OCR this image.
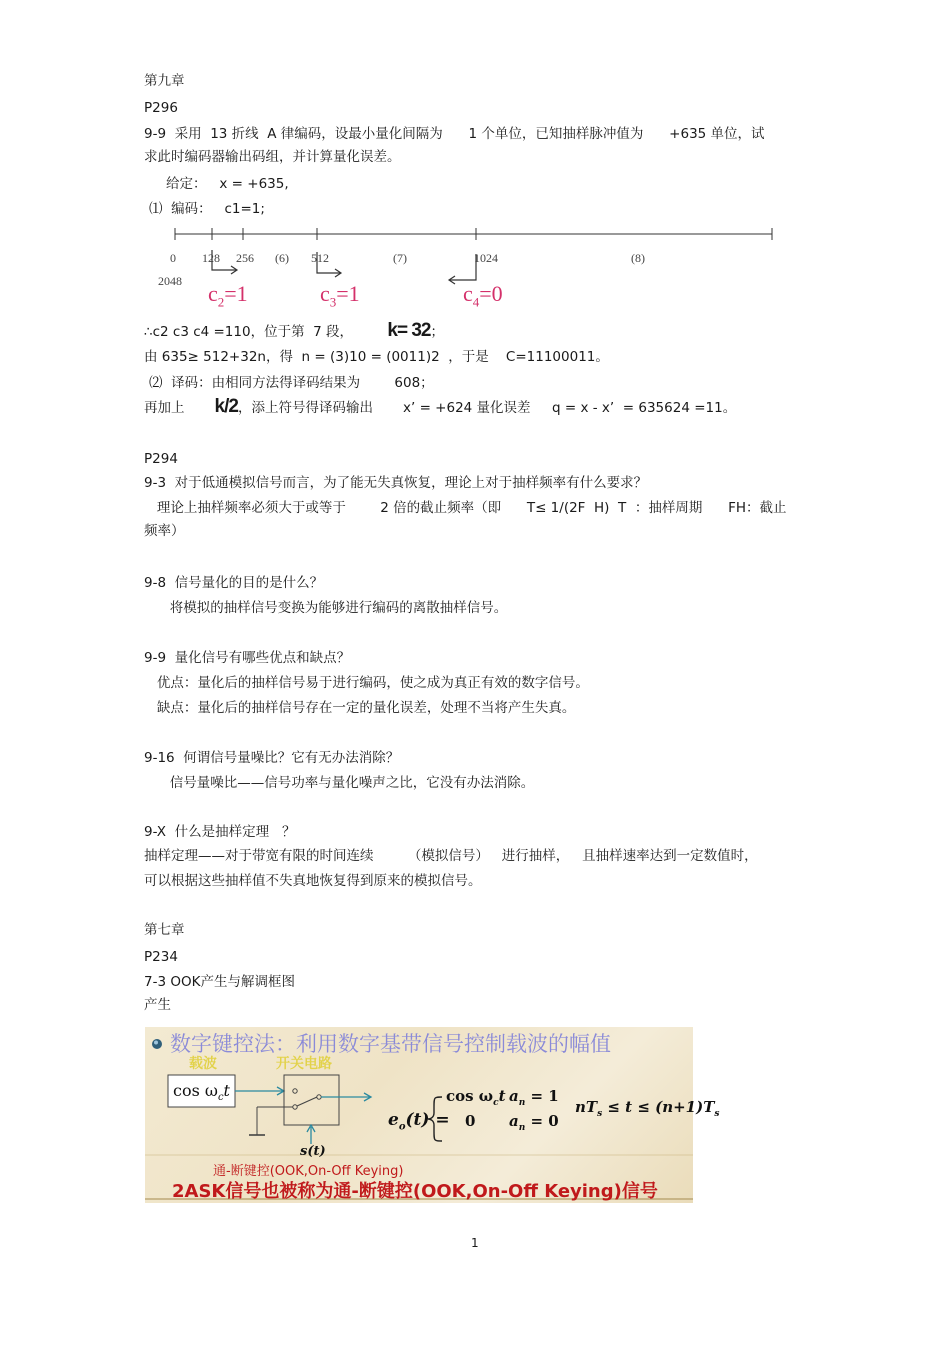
第九章
P296
9-9  采用  13 折线  A 律编码，设最小量化间隔为      1 个单位，已知抽样脉冲值为      +635 单位，试
求此时编码器输出码组，并计算量化误差。
给定：   x = +635,
⑴  编码：   c1=1;
0 128 256 (6) 512	(7)	1024	(8)
2048 $c_2=1$	$c_3=1$	$c_4=0$
∴c2 c3 c4 =110，位于第  7 段， k= 32；
由 635≥ 512+32n，得  n = (3)10 = (0011)2  ，于是    C=11100011。
⑵  译码：由相同方法得译码结果为        608；
再加上 k/2，添上符号得译码输出       x’ = +624 量化误差     q = x - x’  = 635624 =11。
P294
9-3  对于低通模拟信号而言，为了能无失真恢复，理论上对于抽样频率有什么要求？
理论上抽样频率必须大于或等于        2 倍的截止频率（即      T≤ 1/(2F  H)  T  ：抽样周期      FH：截止
频率）
9-8  信号量化的目的是什么？
将模拟的抽样信号变换为能够进行编码的离散抽样信号。
9-9  量化信号有哪些优点和缺点？
优点：量化后的抽样信号易于进行编码，使之成为真正有效的数字信号。
缺点：量化后的抽样信号存在一定的量化误差，处理不当将产生失真。
9-16  何谓信号量噪比？它有无办法消除？
信号量噪比——信号功率与量化噪声之比，它没有办法消除。
9-X  什么是抽样定理   ？
抽样定理——对于带宽有限的时间连续        （模拟信号）   进行抽样，   且抽样速率达到一定数值时，
可以根据这些抽样值不失真地恢复得到原来的模拟信号。
第七章
P234
7-3 OOK产生与解调框图
产生
数字键控法：利用数字基带信号控制载波的幅值
载波	开关电路
$\cos \omega_ct$
$e_o(t)$ =
$\cos \omega_ct$ $a_n = 1$
0 $a_n = 0$
$nT_s \le t \le (n+1)T_s$
s(t)
通-断键控(OOK,On-Off Keying)
2ASK信号也被称为通-断键控(OOK,On-Off Keying)信号
1
